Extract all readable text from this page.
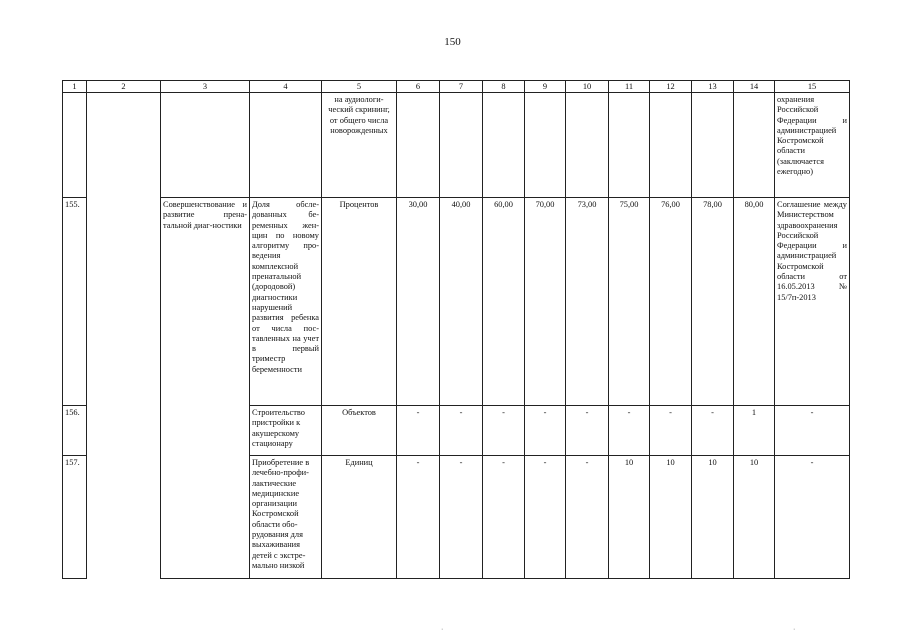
150
1	2	3	4	5	6	7	8	9	10	11	12	13	14	15
				на аудиологи-ческий скрининг, от общего числа новорожденных										охранения Российской Федерации и администрацией Костромской области (заключается ежегодно)
155.		Совершенствование и развитие прена-тальной диаг-ностики	Доля обсле-дованных бе-ременных жен-щин по новому алгоритму про-ведения комплексной пренатальной (дородовой) диагностики нарушений развития ребенка от числа пос-тавленных на учет в первый триместр беременности	Процентов	30,00	40,00	60,00	70,00	73,00	75,00	76,00	78,00	80,00	Соглашение между Министерством здравоохранения Российской Федерации и администрацией Костромской области от 16.05.2013 № 15/7п-2013
156.			Строительство пристройки к акушерскому стационару	Объектов	-	-	-	-	-	-	-	-	1	-
157.			Приобретение в лечебно-профи-лактические медицинские организации Костромской области обо-рудования для выхаживания детей с экстре-мально низкой	Единиц	-	-	-	-	-	10	10	10	10	-
·	·
